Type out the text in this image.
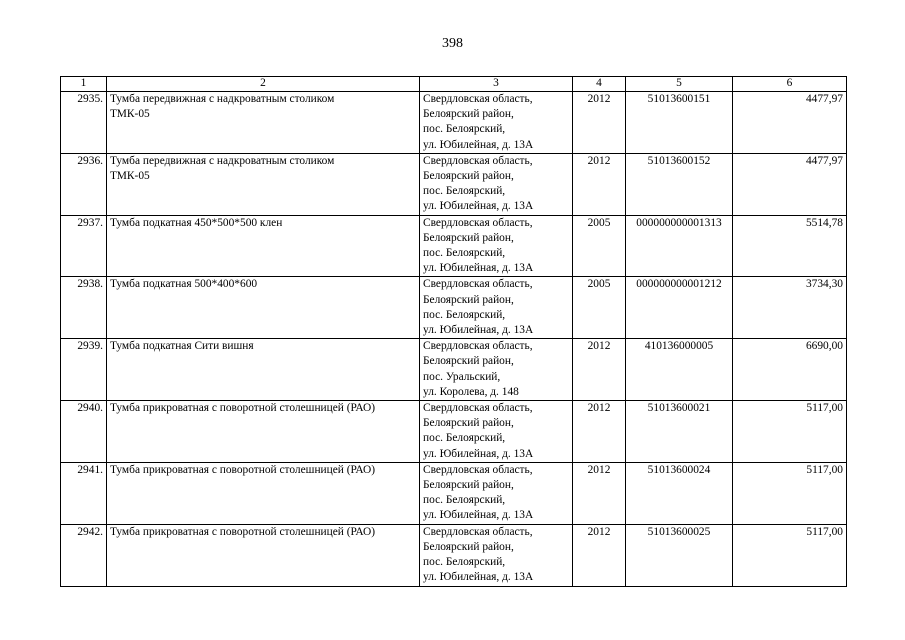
398
1	2	3	4	5	6
2935.	Тумба передвижная с надкроватным столиком
ТМК-05	Свердловская область,
Белоярский район,
пос. Белоярский,
ул. Юбилейная, д. 13А	2012	51013600151	4477,97
2936.	Тумба передвижная с надкроватным столиком
ТМК-05	Свердловская область,
Белоярский район,
пос. Белоярский,
ул. Юбилейная, д. 13А	2012	51013600152	4477,97
2937.	Тумба подкатная 450*500*500 клен	Свердловская область,
Белоярский район,
пос. Белоярский,
ул. Юбилейная, д. 13А	2005	000000000001313	5514,78
2938.	Тумба подкатная 500*400*600	Свердловская область,
Белоярский район,
пос. Белоярский,
ул. Юбилейная, д. 13А	2005	000000000001212	3734,30
2939.	Тумба подкатная Сити вишня	Свердловская область,
Белоярский район,
пос. Уральский,
ул. Королева, д. 148	2012	410136000005	6690,00
2940.	Тумба прикроватная с поворотной столешницей (РАО)	Свердловская область,
Белоярский район,
пос. Белоярский,
ул. Юбилейная, д. 13А	2012	51013600021	5117,00
2941.	Тумба прикроватная с поворотной столешницей (РАО)	Свердловская область,
Белоярский район,
пос. Белоярский,
ул. Юбилейная, д. 13А	2012	51013600024	5117,00
2942.	Тумба прикроватная с поворотной столешницей (РАО)	Свердловская область,
Белоярский район,
пос. Белоярский,
ул. Юбилейная, д. 13А	2012	51013600025	5117,00
